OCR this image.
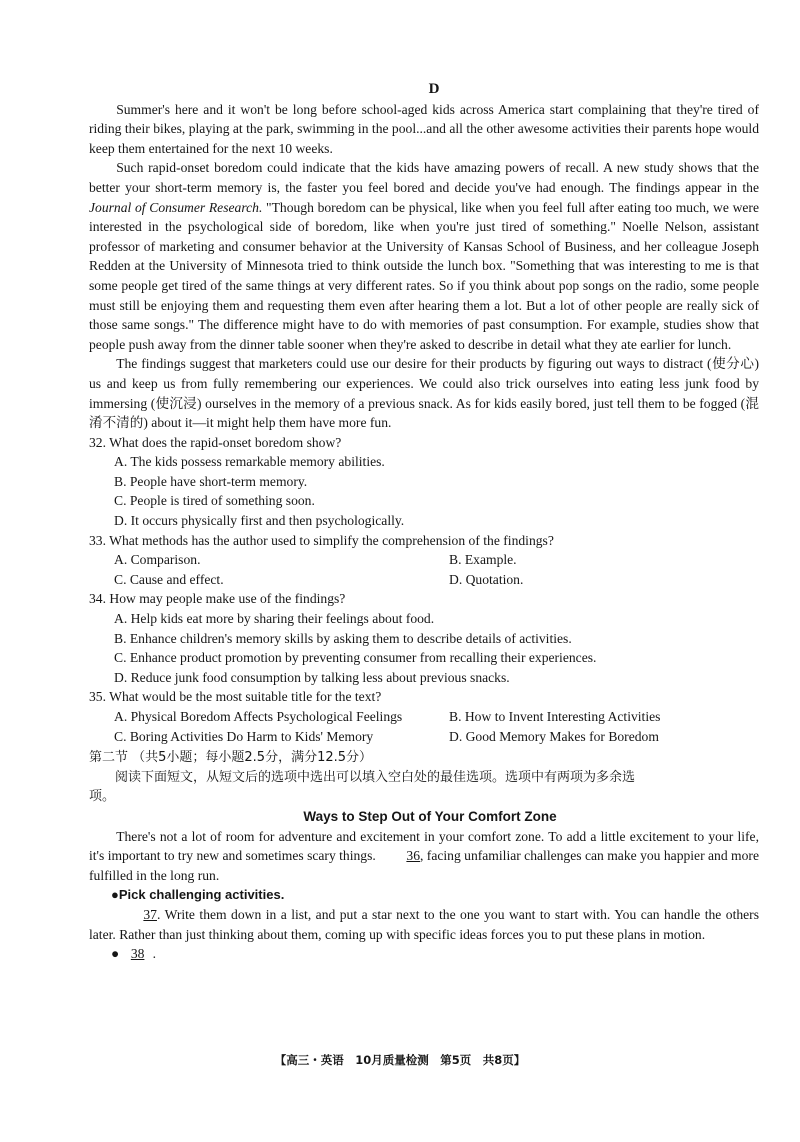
D

Summer's here and it won't be long before school-aged kids across America start complaining that they're tired of riding their bikes, playing at the park, swimming in the pool...and all the other awesome activities their parents hope would keep them entertained for the next 10 weeks.

Such rapid-onset boredom could indicate that the kids have amazing powers of recall. A new study shows that the better your short-term memory is, the faster you feel bored and decide you've had enough. The findings appear in the Journal of Consumer Research. "Though boredom can be physical, like when you feel full after eating too much, we were interested in the psychological side of boredom, like when you're just tired of something." Noelle Nelson, assistant professor of marketing and consumer behavior at the University of Kansas School of Business, and her colleague Joseph Redden at the University of Minnesota tried to think outside the lunch box. "Something that was interesting to me is that some people get tired of the same things at very different rates. So if you think about pop songs on the radio, some people must still be enjoying them and requesting them even after hearing them a lot. But a lot of other people are really sick of those same songs." The difference might have to do with memories of past consumption. For example, studies show that people push away from the dinner table sooner when they're asked to describe in detail what they ate earlier for lunch.

The findings suggest that marketers could use our desire for their products by figuring out ways to distract (使分心) us and keep us from fully remembering our experiences. We could also trick ourselves into eating less junk food by immersing (使沉浸) ourselves in the memory of a previous snack. As for kids easily bored, just tell them to be fogged (混淆不清的) about it—it might help them have more fun.

32. What does the rapid-onset boredom show?
A. The kids possess remarkable memory abilities.
B. People have short-term memory.
C. People is tired of something soon.
D. It occurs physically first and then psychologically.
33. What methods has the author used to simplify the comprehension of the findings?
A. Comparison.	B. Example.
C. Cause and effect.	D. Quotation.
34. How may people make use of the findings?
A. Help kids eat more by sharing their feelings about food.
B. Enhance children's memory skills by asking them to describe details of activities.
C. Enhance product promotion by preventing consumer from recalling their experiences.
D. Reduce junk food consumption by talking less about previous snacks.
35. What would be the most suitable title for the text?
A. Physical Boredom Affects Psychological Feelings	B. How to Invent Interesting Activities
C. Boring Activities Do Harm to Kids' Memory	D. Good Memory Makes for Boredom
第二节 （共5小题；每小题2.5分，满分12.5分）
阅读下面短文，从短文后的选项中选出可以填入空白处的最佳选项。选项中有两项为多余选
项。
Ways to Step Out of Your Comfort Zone

There's not a lot of room for adventure and excitement in your comfort zone. To add a little excitement to your life, it's important to try new and sometimes scary things. 36, facing unfamiliar challenges can make you happier and more fulfilled in the long run.

●Pick challenging activities.

37. Write them down in a list, and put a star next to the one you want to start with. You can handle the others later. Rather than just thinking about them, coming up with specific ideas forces you to put these plans in motion.

● 38 .
【高三・英语　10月质量检测　第5页　共8页】
